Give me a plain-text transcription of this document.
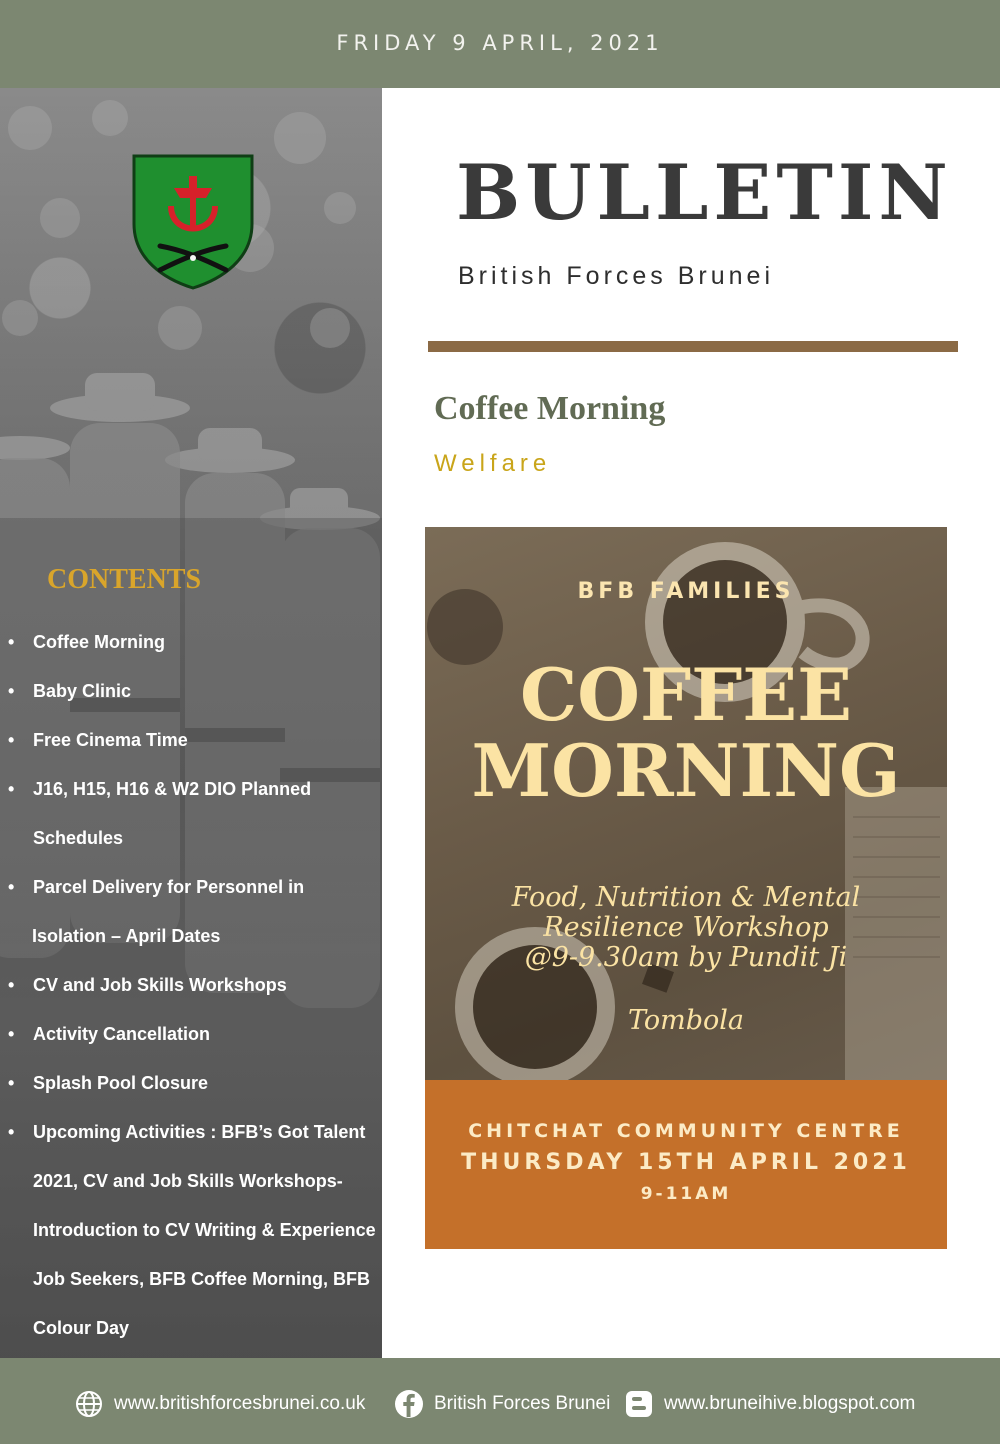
FRIDAY 9 APRIL, 2021
CONTENTS
• Coffee Morning
• Baby Clinic
• Free Cinema Time
• J16, H15, H16 & W2 DIO Planned
Schedules
• Parcel Delivery for Personnel in
Isolation – April Dates
• CV and Job Skills Workshops
• Activity Cancellation
• Splash Pool Closure
• Upcoming Activities : BFB’s Got Talent
2021, CV and Job Skills Workshops-
Introduction to CV Writing & Experience
Job Seekers, BFB Coffee Morning, BFB
Colour Day
BULLETIN
British Forces Brunei
Coffee Morning
Welfare
BFB FAMILIES
COFFEE
MORNING
Food, Nutrition & Mental
Resilience Workshop
@9-9.30am by Pundit Ji
Tombola
CHITCHAT COMMUNITY CENTRE
THURSDAY 15TH APRIL 2021
9-11AM
www.britishforcesbrunei.co.uk	British Forces Brunei	www.bruneihive.blogspot.com
